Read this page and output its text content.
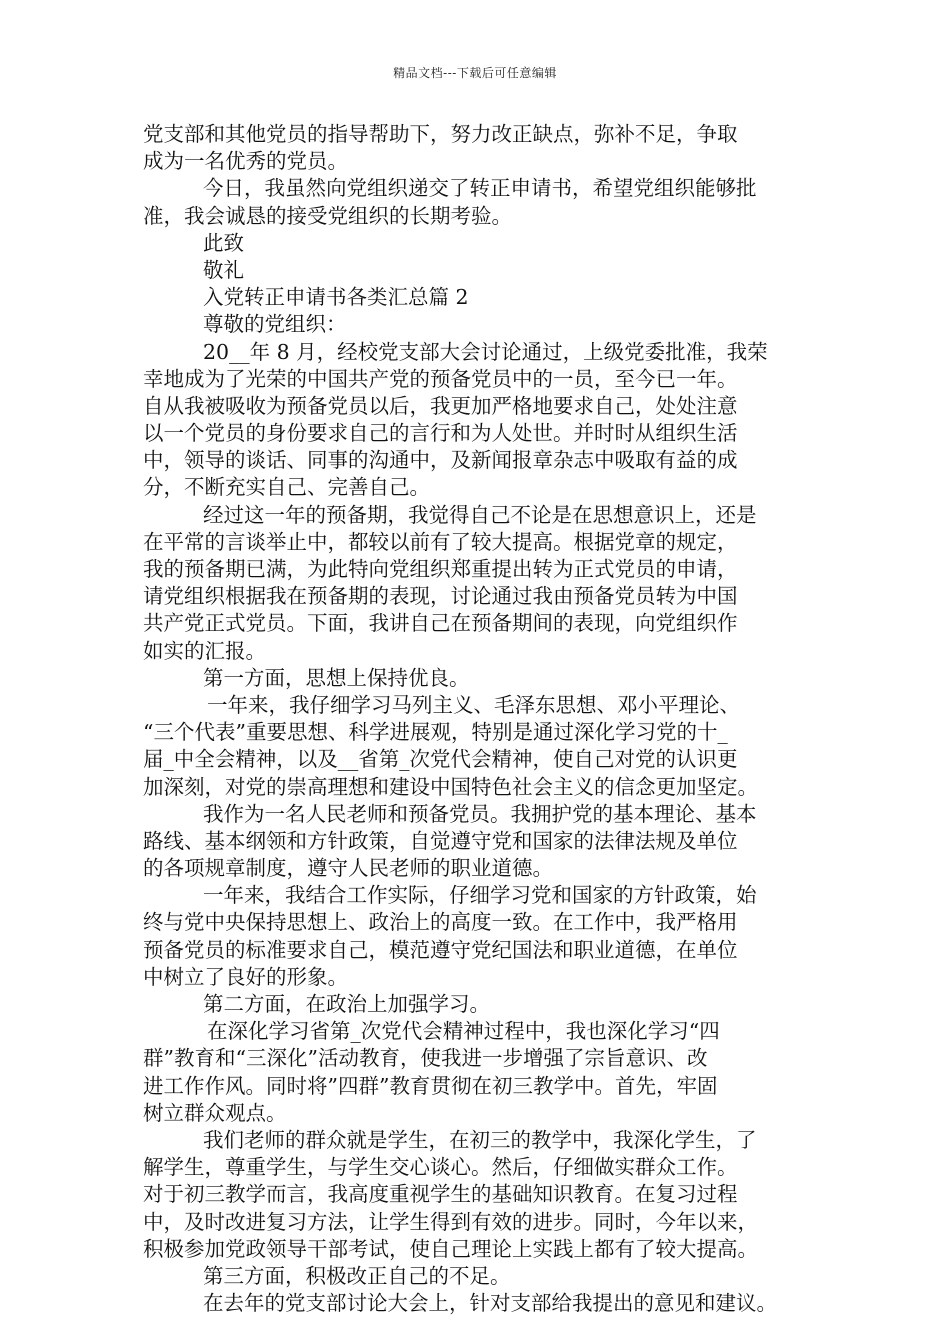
精品文档---下载后可任意编辑
党支部和其他党员的指导帮助下，努力改正缺点，弥补不足，争取
成为一名优秀的党员。
今日，我虽然向党组织递交了转正申请书，希望党组织能够批
准，我会诚恳的接受党组织的长期考验。
此致
敬礼
入党转正申请书各类汇总篇 2
尊敬的党组织：
20__年 8 月，经校党支部大会讨论通过，上级党委批准，我荣
幸地成为了光荣的中国共产党的预备党员中的一员，至今已一年。
自从我被吸收为预备党员以后，我更加严格地要求自己，处处注意
以一个党员的身份要求自己的言行和为人处世。并时时从组织生活
中，领导的谈话、同事的沟通中，及新闻报章杂志中吸取有益的成
分，不断充实自己、完善自己。
经过这一年的预备期，我觉得自己不论是在思想意识上，还是
在平常的言谈举止中，都较以前有了较大提高。根据党章的规定，
我的预备期已满，为此特向党组织郑重提出转为正式党员的申请，
请党组织根据我在预备期的表现，讨论通过我由预备党员转为中国
共产党正式党员。下面，我讲自己在预备期间的表现，向党组织作
如实的汇报。
第一方面，思想上保持优良。
一年来，我仔细学习马列主义、毛泽东思想、邓小平理论、
“三个代表”重要思想、科学进展观，特别是通过深化学习党的十_
届_中全会精神，以及__省第_次党代会精神，使自己对党的认识更
加深刻，对党的崇高理想和建设中国特色社会主义的信念更加坚定。
我作为一名人民老师和预备党员。我拥护党的基本理论、基本
路线、基本纲领和方针政策，自觉遵守党和国家的法律法规及单位
的各项规章制度，遵守人民老师的职业道德。
一年来，我结合工作实际，仔细学习党和国家的方针政策，始
终与党中央保持思想上、政治上的高度一致。在工作中，我严格用
预备党员的标准要求自己，模范遵守党纪国法和职业道德，在单位
中树立了良好的形象。
第二方面，在政治上加强学习。
在深化学习省第_次党代会精神过程中，我也深化学习“四
群”教育和“三深化”活动教育，使我进一步增强了宗旨意识、改
进工作作风。同时将”四群”教育贯彻在初三教学中。首先，牢固
树立群众观点。
我们老师的群众就是学生，在初三的教学中，我深化学生，了
解学生，尊重学生，与学生交心谈心。然后，仔细做实群众工作。
对于初三教学而言，我高度重视学生的基础知识教育。在复习过程
中，及时改进复习方法，让学生得到有效的进步。同时，今年以来，
积极参加党政领导干部考试，使自己理论上实践上都有了较大提高。
第三方面，积极改正自己的不足。
在去年的党支部讨论大会上，针对支部给我提出的意见和建议。
